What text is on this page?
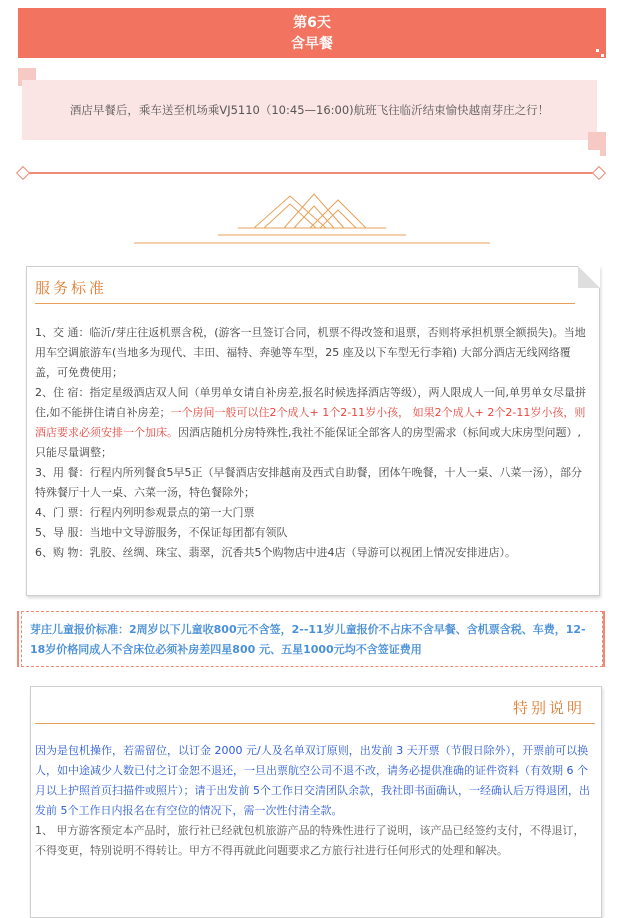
第6天
含早餐
酒店早餐后，乘车送至机场乘VJ5110（10:45—16:00)航班飞往临沂结束愉快越南芽庄之行！
服务标准

1、交 通：临沂/芽庄往返机票含税，(游客一旦签订合同，机票不得改签和退票，否则将承担机票全额损失)。当地用车空调旅游车(当地多为现代、丰田、福特、奔驰等车型，25 座及以下车型无行李箱) 大部分酒店无线网络覆盖，可免费使用；

2、住 宿：指定星级酒店双人间（单男单女请自补房差,报名时候选择酒店等级），两人限成人一间,单男单女尽量拼住,如不能拼住请自补房差；一个房间一般可以住2个成人+ 1个2-11岁小孩， 如果2个成人+ 2个2-11岁小孩，则酒店要求必须安排一个加床。因酒店随机分房特殊性,我社不能保证全部客人的房型需求（标间或大床房型问题）,只能尽量调整；

3、用 餐：行程内所列餐食5早5正（早餐酒店安排越南及西式自助餐，团体午晚餐，十人一桌、八菜一汤），部分特殊餐厅十人一桌、六菜一汤，特色餐除外；

4、门 票：行程内列明参观景点的第一大门票

5、导 服：当地中文导游服务，不保证每团都有领队

6、购 物：乳胶、丝绸、珠宝、翡翠，沉香共5个购物店中进4店（导游可以视团上情况安排进店）。

芽庄儿童报价标准：2周岁以下儿童收800元不含签，2--11岁儿童报价不占床不含早餐、含机票含税、车费，12-18岁价格同成人不含床位必须补房差四星800 元、五星1000元均不含签证费用
特别说明

因为是包机操作，若需留位，以订金 2000 元/人及名单双订原则，出发前 3 天开票（节假日除外），开票前可以换人，如中途减少人数已付之订金恕不退还，一旦出票航空公司不退不改，请务必提供准确的证件资料（有效期 6 个月以上护照首页扫描件或照片）；请于出发前 5个工作日交清团队余款，我社即书面确认，一经确认后万得退团，出发前 5个工作日内报名在有空位的情况下，需一次性付清全款。

1、 甲方游客预定本产品时，旅行社已经就包机旅游产品的特殊性进行了说明，该产品已经签约支付，不得退订，不得变更，特别说明不得转让。甲方不得再就此问题要求乙方旅行社进行任何形式的处理和解决。
